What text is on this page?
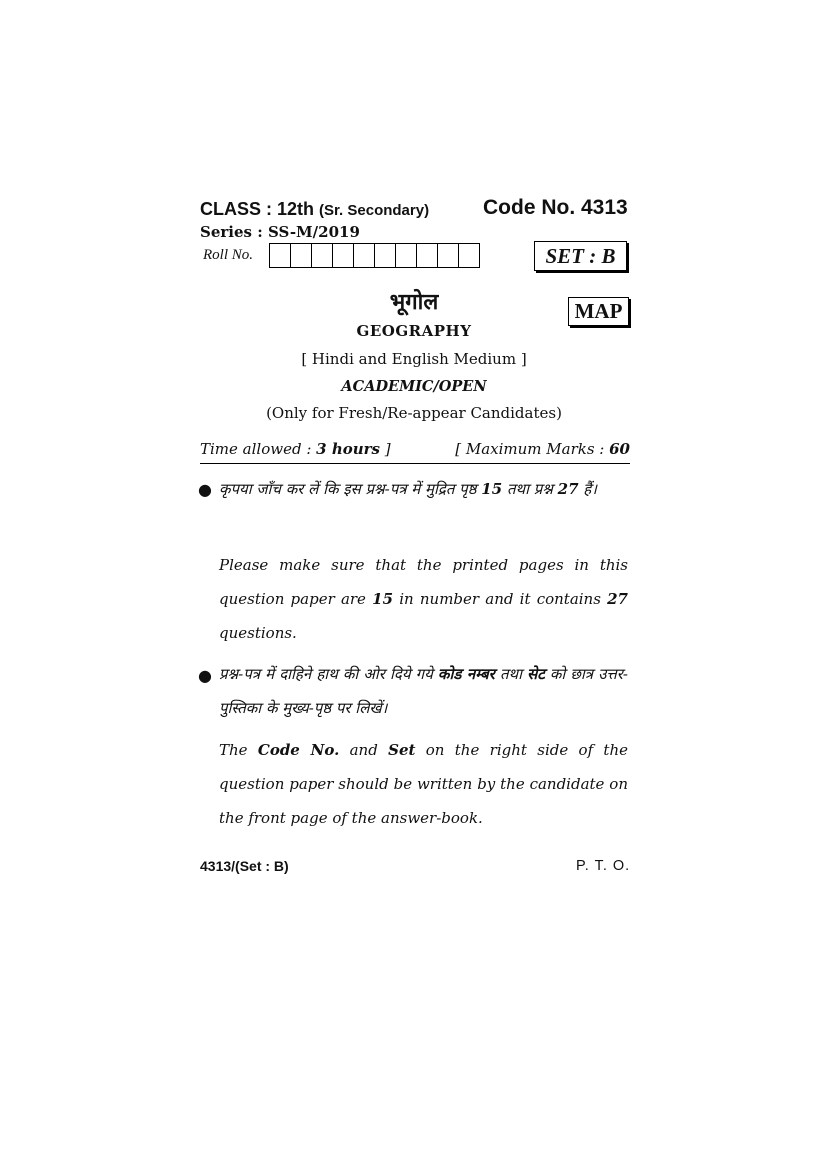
CLASS : 12th (Sr. Secondary)	Code No. 4313
Series : SS-M/2019
Roll No.	SET : B
MAP
भूगोल
GEOGRAPHY
[ Hindi and English Medium ]
ACADEMIC/OPEN
(Only for Fresh/Re-appear Candidates)
Time allowed : 3 hours ]	[ Maximum Marks : 60
● कृपया जाँच कर लें कि इस प्रश्न-पत्र में मुद्रित पृष्ठ 15 तथा प्रश्न 27 हैं।
Please make sure that the printed pages in this question paper are 15 in number and it contains 27 questions.
● प्रश्न-पत्र में दाहिने हाथ की ओर दिये गये कोड नम्बर तथा सेट को छात्र उत्तर-पुस्तिका के मुख्य-पृष्ठ पर लिखें।
The Code No. and Set on the right side of the question paper should be written by the candidate on the front page of the answer-book.
4313/(Set : B)	P. T. O.
